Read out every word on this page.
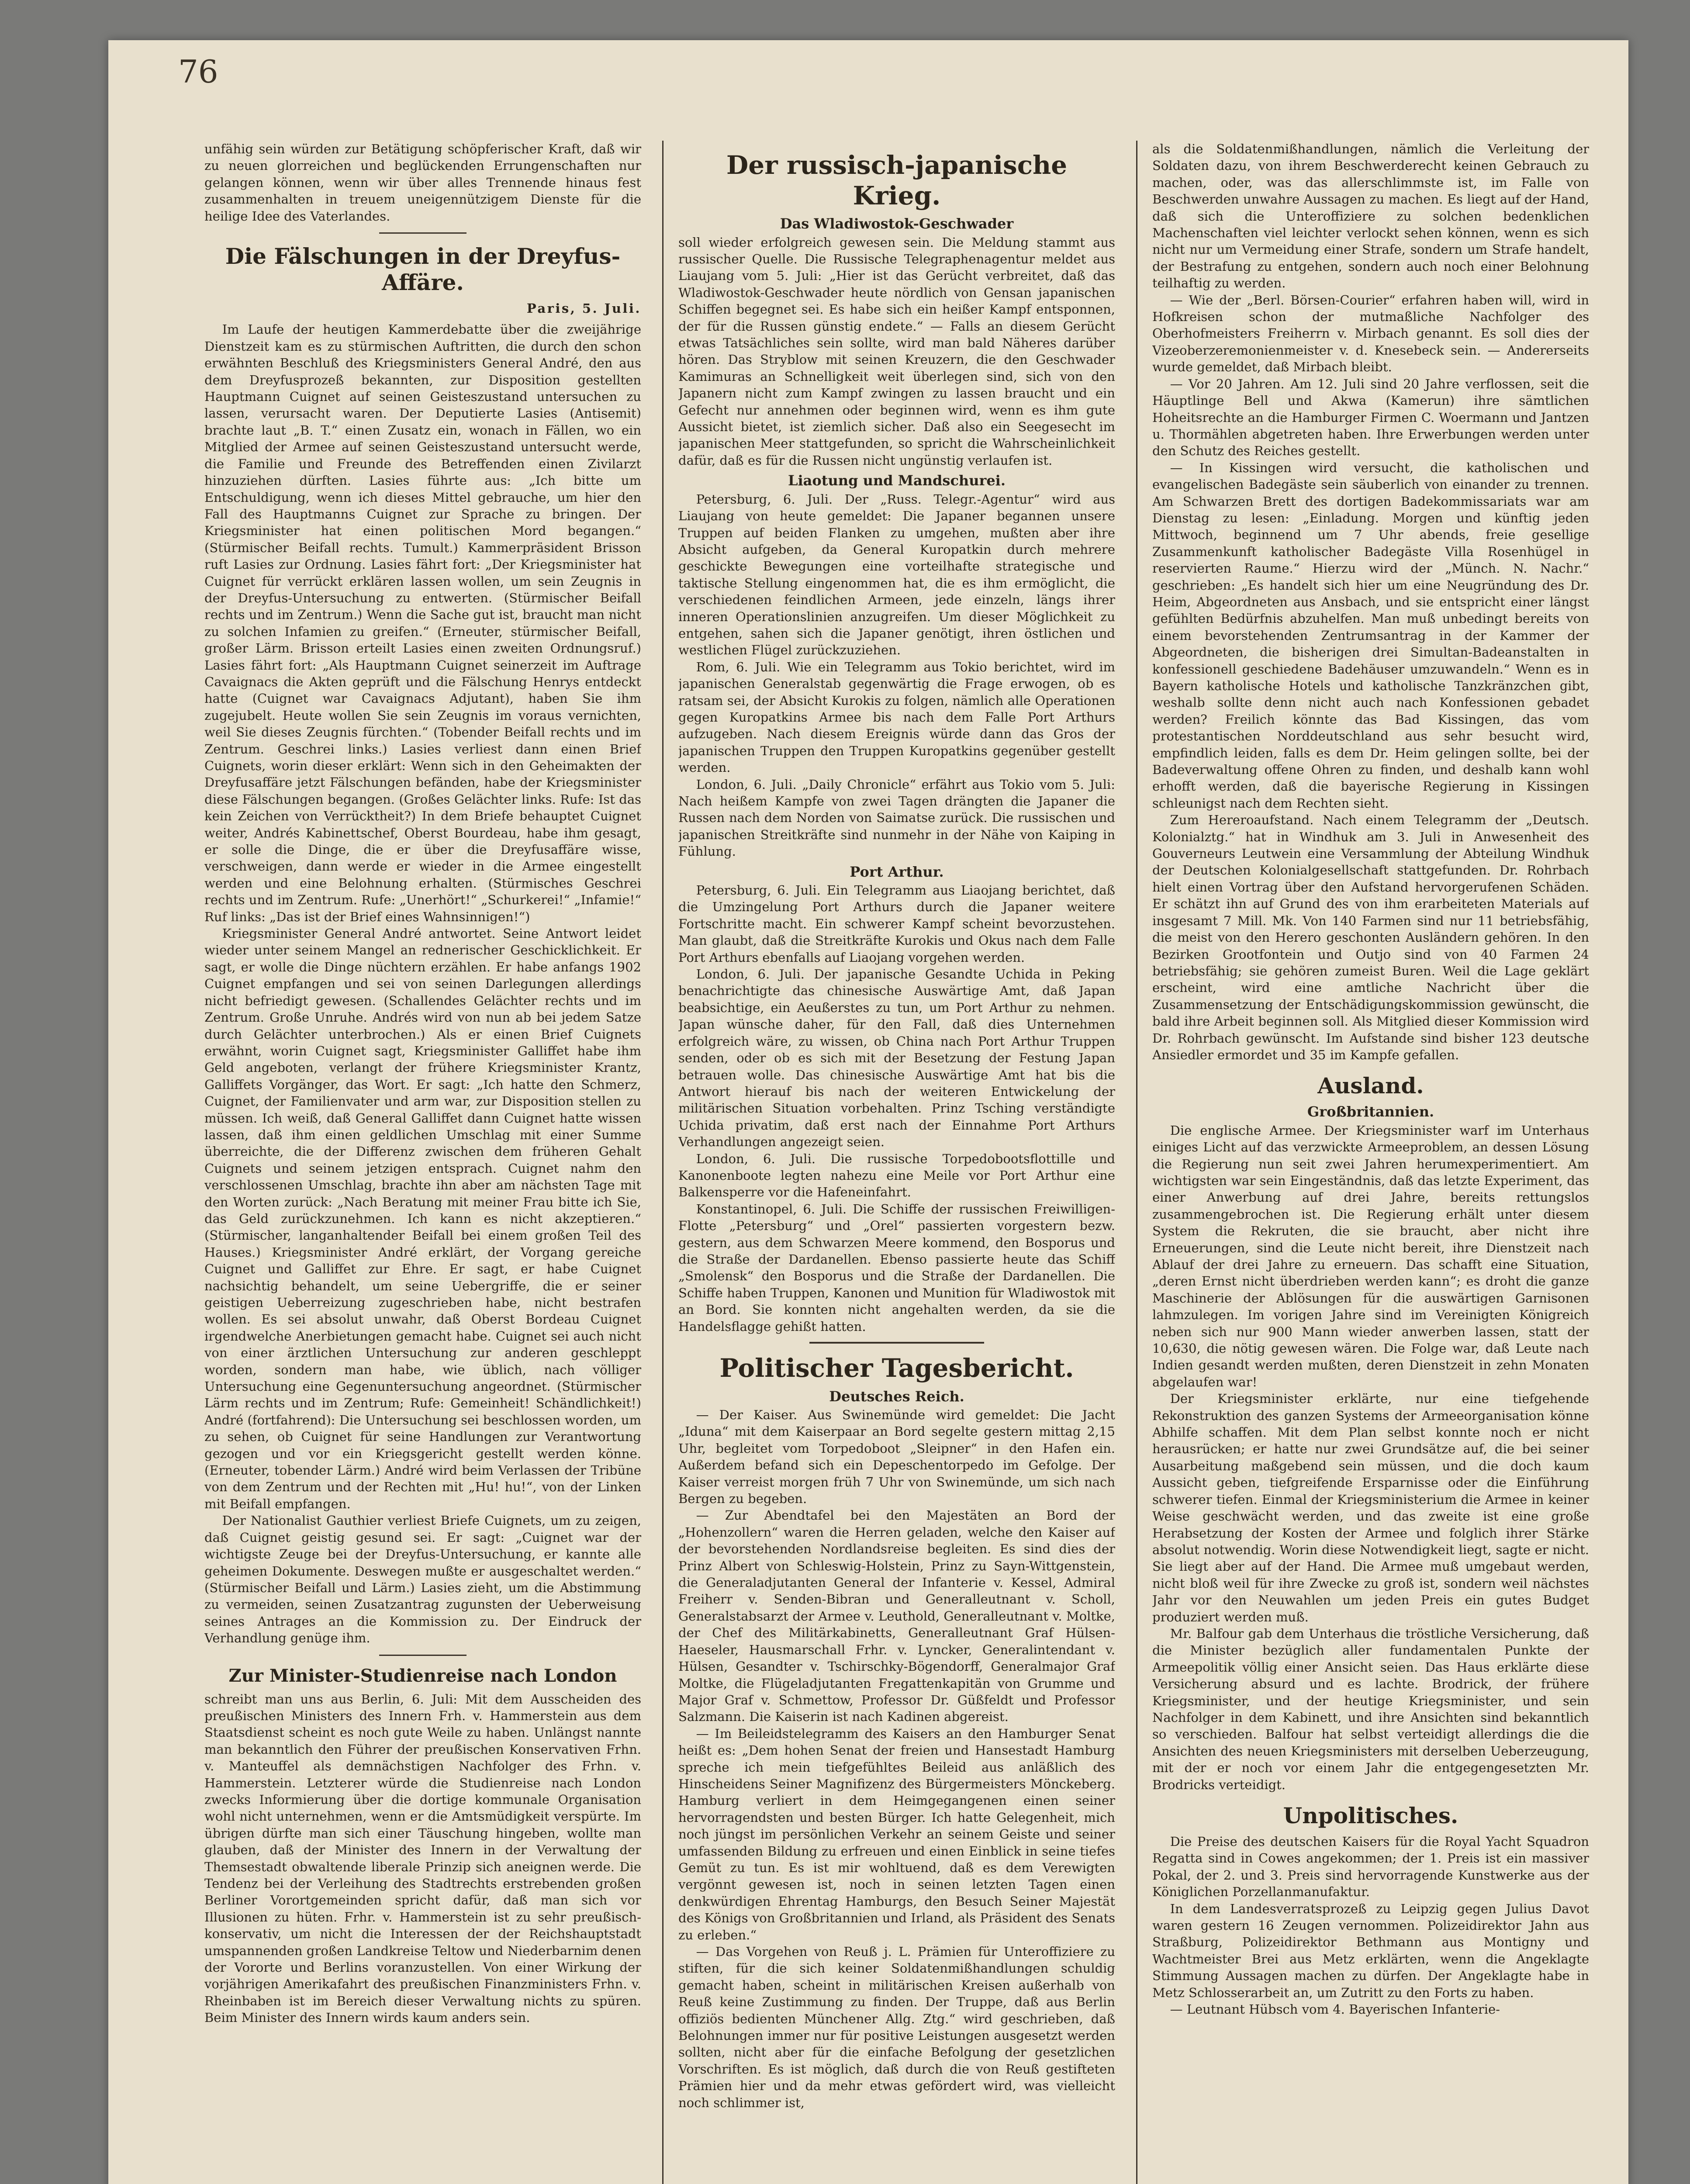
76

unfähig sein würden zur Betätigung schöpferischer Kraft, daß wir zu neuen glorreichen und beglückenden Errungenschaften nur gelangen können, wenn wir über alles Trennende hinaus fest zusammenhalten in treuem uneigennützigem Dienste für die heilige Idee des Vaterlandes.

Die Fälschungen in der Dreyfus-Affäre.
Paris, 5. Juli.

Im Laufe der heutigen Kammerdebatte über die zweijährige Dienstzeit kam es zu stürmischen Auftritten, die durch den schon erwähnten Beschluß des Kriegsministers General André, den aus dem Dreyfusprozeß bekannten, zur Disposition gestellten Hauptmann Cuignet auf seinen Geisteszustand untersuchen zu lassen, verursacht waren. Der Deputierte Lasies (Antisemit) brachte laut „B. T.“ einen Zusatz ein, wonach in Fällen, wo ein Mitglied der Armee auf seinen Geisteszustand untersucht werde, die Familie und Freunde des Betreffenden einen Zivilarzt hinzuziehen dürften. Lasies führte aus: „Ich bitte um Entschuldigung, wenn ich dieses Mittel gebrauche, um hier den Fall des Hauptmanns Cuignet zur Sprache zu bringen. Der Kriegsminister hat einen politischen Mord begangen.“ (Stürmischer Beifall rechts. Tumult.) Kammerpräsident Brisson ruft Lasies zur Ordnung. Lasies fährt fort: „Der Kriegsminister hat Cuignet für verrückt erklären lassen wollen, um sein Zeugnis in der Dreyfus-Untersuchung zu entwerten. (Stürmischer Beifall rechts und im Zentrum.) Wenn die Sache gut ist, braucht man nicht zu solchen Infamien zu greifen.“ (Erneuter, stürmischer Beifall, großer Lärm. Brisson erteilt Lasies einen zweiten Ordnungsruf.) Lasies fährt fort: „Als Hauptmann Cuignet seinerzeit im Auftrage Cavaignacs die Akten geprüft und die Fälschung Henrys entdeckt hatte (Cuignet war Cavaignacs Adjutant), haben Sie ihm zugejubelt. Heute wollen Sie sein Zeugnis im voraus vernichten, weil Sie dieses Zeugnis fürchten.“ (Tobender Beifall rechts und im Zentrum. Geschrei links.) Lasies verliest dann einen Brief Cuignets, worin dieser erklärt: Wenn sich in den Geheimakten der Dreyfusaffäre jetzt Fälschungen befänden, habe der Kriegsminister diese Fälschungen begangen. (Großes Gelächter links. Rufe: Ist das kein Zeichen von Verrücktheit?) In dem Briefe behauptet Cuignet weiter, Andrés Kabinettschef, Oberst Bourdeau, habe ihm gesagt, er solle die Dinge, die er über die Dreyfusaffäre wisse, verschweigen, dann werde er wieder in die Armee eingestellt werden und eine Belohnung erhalten. (Stürmisches Geschrei rechts und im Zentrum. Rufe: „Unerhört!“ „Schurkerei!“ „Infamie!“ Ruf links: „Das ist der Brief eines Wahnsinnigen!“)

Kriegsminister General André antwortet. Seine Antwort leidet wieder unter seinem Mangel an rednerischer Geschicklichkeit. Er sagt, er wolle die Dinge nüchtern erzählen. Er habe anfangs 1902 Cuignet empfangen und sei von seinen Darlegungen allerdings nicht befriedigt gewesen. (Schallendes Gelächter rechts und im Zentrum. Große Unruhe. Andrés wird von nun ab bei jedem Satze durch Gelächter unterbrochen.) Als er einen Brief Cuignets erwähnt, worin Cuignet sagt, Kriegsminister Galliffet habe ihm Geld angeboten, verlangt der frühere Kriegsminister Krantz, Galliffets Vorgänger, das Wort. Er sagt: „Ich hatte den Schmerz, Cuignet, der Familienvater und arm war, zur Disposition stellen zu müssen. Ich weiß, daß General Galliffet dann Cuignet hatte wissen lassen, daß ihm einen geldlichen Umschlag mit einer Summe überreichte, die der Differenz zwischen dem früheren Gehalt Cuignets und seinem jetzigen entsprach. Cuignet nahm den verschlossenen Umschlag, brachte ihn aber am nächsten Tage mit den Worten zurück: „Nach Beratung mit meiner Frau bitte ich Sie, das Geld zurückzunehmen. Ich kann es nicht akzeptieren.“ (Stürmischer, langanhaltender Beifall bei einem großen Teil des Hauses.) Kriegsminister André erklärt, der Vorgang gereiche Cuignet und Galliffet zur Ehre. Er sagt, er habe Cuignet nachsichtig behandelt, um seine Uebergriffe, die er seiner geistigen Ueberreizung zugeschrieben habe, nicht bestrafen wollen. Es sei absolut unwahr, daß Oberst Bordeau Cuignet irgendwelche Anerbietungen gemacht habe. Cuignet sei auch nicht von einer ärztlichen Untersuchung zur anderen geschleppt worden, sondern man habe, wie üblich, nach völliger Untersuchung eine Gegenuntersuchung angeordnet. (Stürmischer Lärm rechts und im Zentrum; Rufe: Gemeinheit! Schändlichkeit!) André (fortfahrend): Die Untersuchung sei beschlossen worden, um zu sehen, ob Cuignet für seine Handlungen zur Verantwortung gezogen und vor ein Kriegsgericht gestellt werden könne. (Erneuter, tobender Lärm.) André wird beim Verlassen der Tribüne von dem Zentrum und der Rechten mit „Hu! hu!“, von der Linken mit Beifall empfangen.

Der Nationalist Gauthier verliest Briefe Cuignets, um zu zeigen, daß Cuignet geistig gesund sei. Er sagt: „Cuignet war der wichtigste Zeuge bei der Dreyfus-Untersuchung, er kannte alle geheimen Dokumente. Deswegen mußte er ausgeschaltet werden.“ (Stürmischer Beifall und Lärm.) Lasies zieht, um die Abstimmung zu vermeiden, seinen Zusatzantrag zugunsten der Ueberweisung seines Antrages an die Kommission zu. Der Eindruck der Verhandlung genüge ihm.

Zur Minister-Studienreise nach London

schreibt man uns aus Berlin, 6. Juli: Mit dem Ausscheiden des preußischen Ministers des Innern Frh. v. Hammerstein aus dem Staatsdienst scheint es noch gute Weile zu haben. Unlängst nannte man bekanntlich den Führer der preußischen Konservativen Frhn. v. Manteuffel als demnächstigen Nachfolger des Frhn. v. Hammerstein. Letzterer würde die Studienreise nach London zwecks Informierung über die dortige kommunale Organisation wohl nicht unternehmen, wenn er die Amtsmüdigkeit verspürte. Im übrigen dürfte man sich einer Täuschung hingeben, wollte man glauben, daß der Minister des Innern in der Verwaltung der Themsestadt obwaltende liberale Prinzip sich aneignen werde. Die Tendenz bei der Verleihung des Stadtrechts erstrebenden großen Berliner Vorortgemeinden spricht dafür, daß man sich vor Illusionen zu hüten. Frhr. v. Hammerstein ist zu sehr preußisch-konservativ, um nicht die Interessen der der Reichshauptstadt umspannenden großen Landkreise Teltow und Niederbarnim denen der Vororte und Berlins voranzustellen. Von einer Wirkung der vorjährigen Amerikafahrt des preußischen Finanzministers Frhn. v. Rheinbaben ist im Bereich dieser Verwaltung nichts zu spüren. Beim Minister des Innern wirds kaum anders sein.

Der russisch-japanische Krieg.
Das Wladiwostok-Geschwader

soll wieder erfolgreich gewesen sein. Die Meldung stammt aus russischer Quelle. Die Russische Telegraphenagentur meldet aus Liaujang vom 5. Juli: „Hier ist das Gerücht verbreitet, daß das Wladiwostok-Geschwader heute nördlich von Gensan japanischen Schiffen begegnet sei. Es habe sich ein heißer Kampf entsponnen, der für die Russen günstig endete.“ — Falls an diesem Gerücht etwas Tatsächliches sein sollte, wird man bald Näheres darüber hören. Das Stryblow mit seinen Kreuzern, die den Geschwader Kamimuras an Schnelligkeit weit überlegen sind, sich von den Japanern nicht zum Kampf zwingen zu lassen braucht und ein Gefecht nur annehmen oder beginnen wird, wenn es ihm gute Aussicht bietet, ist ziemlich sicher. Daß also ein Seegesecht im japanischen Meer stattgefunden, so spricht die Wahrscheinlichkeit dafür, daß es für die Russen nicht ungünstig verlaufen ist.

Liaotung und Mandschurei.

Petersburg, 6. Juli. Der „Russ. Telegr.-Agentur“ wird aus Liaujang von heute gemeldet: Die Japaner begannen unsere Truppen auf beiden Flanken zu umgehen, mußten aber ihre Absicht aufgeben, da General Kuropatkin durch mehrere geschickte Bewegungen eine vorteilhafte strategische und taktische Stellung eingenommen hat, die es ihm ermöglicht, die verschiedenen feindlichen Armeen, jede einzeln, längs ihrer inneren Operationslinien anzugreifen. Um dieser Möglichkeit zu entgehen, sahen sich die Japaner genötigt, ihren östlichen und westlichen Flügel zurückzuziehen.

Rom, 6. Juli. Wie ein Telegramm aus Tokio berichtet, wird im japanischen Generalstab gegenwärtig die Frage erwogen, ob es ratsam sei, der Absicht Kurokis zu folgen, nämlich alle Operationen gegen Kuropatkins Armee bis nach dem Falle Port Arthurs aufzugeben. Nach diesem Ereignis würde dann das Gros der japanischen Truppen den Truppen Kuropatkins gegenüber gestellt werden.

London, 6. Juli. „Daily Chronicle“ erfährt aus Tokio vom 5. Juli: Nach heißem Kampfe von zwei Tagen drängten die Japaner die Russen nach dem Norden von Saimatse zurück. Die russischen und japanischen Streitkräfte sind nunmehr in der Nähe von Kaiping in Fühlung.

Port Arthur.

Petersburg, 6. Juli. Ein Telegramm aus Liaojang berichtet, daß die Umzingelung Port Arthurs durch die Japaner weitere Fortschritte macht. Ein schwerer Kampf scheint bevorzustehen. Man glaubt, daß die Streitkräfte Kurokis und Okus nach dem Falle Port Arthurs ebenfalls auf Liaojang vorgehen werden.

London, 6. Juli. Der japanische Gesandte Uchida in Peking benachrichtigte das chinesische Auswärtige Amt, daß Japan beabsichtige, ein Aeußerstes zu tun, um Port Arthur zu nehmen. Japan wünsche daher, für den Fall, daß dies Unternehmen erfolgreich wäre, zu wissen, ob China nach Port Arthur Truppen senden, oder ob es sich mit der Besetzung der Festung Japan betrauen wolle. Das chinesische Auswärtige Amt hat bis die Antwort hierauf bis nach der weiteren Entwickelung der militärischen Situation vorbehalten. Prinz Tsching verständigte Uchida privatim, daß erst nach der Einnahme Port Arthurs Verhandlungen angezeigt seien.

London, 6. Juli. Die russische Torpedobootsflottille und Kanonenboote legten nahezu eine Meile vor Port Arthur eine Balkensperre vor die Hafeneinfahrt.

Konstantinopel, 6. Juli. Die Schiffe der russischen Freiwilligen-Flotte „Petersburg“ und „Orel“ passierten vorgestern bezw. gestern, aus dem Schwarzen Meere kommend, den Bosporus und die Straße der Dardanellen. Ebenso passierte heute das Schiff „Smolensk“ den Bosporus und die Straße der Dardanellen. Die Schiffe haben Truppen, Kanonen und Munition für Wladiwostok mit an Bord. Sie konnten nicht angehalten werden, da sie die Handelsflagge gehißt hatten.

Politischer Tagesbericht.
Deutsches Reich.

— Der Kaiser. Aus Swinemünde wird gemeldet: Die Jacht „Iduna“ mit dem Kaiserpaar an Bord segelte gestern mittag 2,15 Uhr, begleitet vom Torpedoboot „Sleipner“ in den Hafen ein. Außerdem befand sich ein Depeschentorpedo im Gefolge. Der Kaiser verreist morgen früh 7 Uhr von Swinemünde, um sich nach Bergen zu begeben.

— Zur Abendtafel bei den Majestäten an Bord der „Hohenzollern“ waren die Herren geladen, welche den Kaiser auf der bevorstehenden Nordlandsreise begleiten. Es sind dies der Prinz Albert von Schleswig-Holstein, Prinz zu Sayn-Wittgenstein, die Generaladjutanten General der Infanterie v. Kessel, Admiral Freiherr v. Senden-Bibran und Generalleutnant v. Scholl, Generalstabsarzt der Armee v. Leuthold, Generalleutnant v. Moltke, der Chef des Militärkabinetts, Generalleutnant Graf Hülsen-Haeseler, Hausmarschall Frhr. v. Lyncker, Generalintendant v. Hülsen, Gesandter v. Tschirschky-Bögendorff, Generalmajor Graf Moltke, die Flügeladjutanten Fregattenkapitän von Grumme und Major Graf v. Schmettow, Professor Dr. Güßfeldt und Professor Salzmann. Die Kaiserin ist nach Kadinen abgereist.

— Im Beileidstelegramm des Kaisers an den Hamburger Senat heißt es: „Dem hohen Senat der freien und Hansestadt Hamburg spreche ich mein tiefgefühltes Beileid aus anläßlich des Hinscheidens Seiner Magnifizenz des Bürgermeisters Mönckeberg. Hamburg verliert in dem Heimgegangenen einen seiner hervorragendsten und besten Bürger. Ich hatte Gelegenheit, mich noch jüngst im persönlichen Verkehr an seinem Geiste und seiner umfassenden Bildung zu erfreuen und einen Einblick in seine tiefes Gemüt zu tun. Es ist mir wohltuend, daß es dem Verewigten vergönnt gewesen ist, noch in seinen letzten Tagen einen denkwürdigen Ehrentag Hamburgs, den Besuch Seiner Majestät des Königs von Großbritannien und Irland, als Präsident des Senats zu erleben.“

— Das Vorgehen von Reuß j. L. Prämien für Unteroffiziere zu stiften, für die sich keiner Soldatenmißhandlungen schuldig gemacht haben, scheint in militärischen Kreisen außerhalb von Reuß keine Zustimmung zu finden. Der Truppe, daß aus Berlin offiziös bedienten Münchener Allg. Ztg.“ wird geschrieben, daß Belohnungen immer nur für positive Leistungen ausgesetzt werden sollten, nicht aber für die einfache Befolgung der gesetzlichen Vorschriften. Es ist möglich, daß durch die von Reuß gestifteten Prämien hier und da mehr etwas gefördert wird, was vielleicht noch schlimmer ist,

als die Soldatenmißhandlungen, nämlich die Verleitung der Soldaten dazu, von ihrem Beschwerderecht keinen Gebrauch zu machen, oder, was das allerschlimmste ist, im Falle von Beschwerden unwahre Aussagen zu machen. Es liegt auf der Hand, daß sich die Unteroffiziere zu solchen bedenklichen Machenschaften viel leichter verlockt sehen können, wenn es sich nicht nur um Vermeidung einer Strafe, sondern um Strafe handelt, der Bestrafung zu entgehen, sondern auch noch einer Belohnung teilhaftig zu werden.

— Wie der „Berl. Börsen-Courier“ erfahren haben will, wird in Hofkreisen schon der mutmaßliche Nachfolger des Oberhofmeisters Freiherrn v. Mirbach genannt. Es soll dies der Vizeoberzeremonienmeister v. d. Knesebeck sein. — Andererseits wurde gemeldet, daß Mirbach bleibt.

— Vor 20 Jahren. Am 12. Juli sind 20 Jahre verflossen, seit die Häuptlinge Bell und Akwa (Kamerun) ihre sämtlichen Hoheitsrechte an die Hamburger Firmen C. Woermann und Jantzen u. Thormählen abgetreten haben. Ihre Erwerbungen werden unter den Schutz des Reiches gestellt.

— In Kissingen wird versucht, die katholischen und evangelischen Badegäste sein säuberlich von einander zu trennen. Am Schwarzen Brett des dortigen Badekommissariats war am Dienstag zu lesen: „Einladung. Morgen und künftig jeden Mittwoch, beginnend um 7 Uhr abends, freie gesellige Zusammenkunft katholischer Badegäste Villa Rosenhügel in reservierten Raume.“ Hierzu wird der „Münch. N. Nachr.“ geschrieben: „Es handelt sich hier um eine Neugründung des Dr. Heim, Abgeordneten aus Ansbach, und sie entspricht einer längst gefühlten Bedürfnis abzuhelfen. Man muß unbedingt bereits von einem bevorstehenden Zentrumsantrag in der Kammer der Abgeordneten, die bisherigen drei Simultan-Badeanstalten in konfessionell geschiedene Badehäuser umzuwandeln.“ Wenn es in Bayern katholische Hotels und katholische Tanzkränzchen gibt, weshalb sollte denn nicht auch nach Konfessionen gebadet werden? Freilich könnte das Bad Kissingen, das vom protestantischen Norddeutschland aus sehr besucht wird, empfindlich leiden, falls es dem Dr. Heim gelingen sollte, bei der Badeverwaltung offene Ohren zu finden, und deshalb kann wohl erhofft werden, daß die bayerische Regierung in Kissingen schleunigst nach dem Rechten sieht.

Zum Hereroaufstand. Nach einem Telegramm der „Deutsch. Kolonialztg.“ hat in Windhuk am 3. Juli in Anwesenheit des Gouverneurs Leutwein eine Versammlung der Abteilung Windhuk der Deutschen Kolonialgesellschaft stattgefunden. Dr. Rohrbach hielt einen Vortrag über den Aufstand hervorgerufenen Schäden. Er schätzt ihn auf Grund des von ihm erarbeiteten Materials auf insgesamt 7 Mill. Mk. Von 140 Farmen sind nur 11 betriebsfähig, die meist von den Herero geschonten Ausländern gehören. In den Bezirken Grootfontein und Outjo sind von 40 Farmen 24 betriebsfähig; sie gehören zumeist Buren. Weil die Lage geklärt erscheint, wird eine amtliche Nachricht über die Zusammensetzung der Entschädigungskommission gewünscht, die bald ihre Arbeit beginnen soll. Als Mitglied dieser Kommission wird Dr. Rohrbach gewünscht. Im Aufstande sind bisher 123 deutsche Ansiedler ermordet und 35 im Kampfe gefallen.

Ausland.
Großbritannien.

Die englische Armee. Der Kriegsminister warf im Unterhaus einiges Licht auf das verzwickte Armeeproblem, an dessen Lösung die Regierung nun seit zwei Jahren herumexperimentiert. Am wichtigsten war sein Eingeständnis, daß das letzte Experiment, das einer Anwerbung auf drei Jahre, bereits rettungslos zusammengebrochen ist. Die Regierung erhält unter diesem System die Rekruten, die sie braucht, aber nicht ihre Erneuerungen, sind die Leute nicht bereit, ihre Dienstzeit nach Ablauf der drei Jahre zu erneuern. Das schafft eine Situation, „deren Ernst nicht überdrieben werden kann“; es droht die ganze Maschinerie der Ablösungen für die auswärtigen Garnisonen lahmzulegen. Im vorigen Jahre sind im Vereinigten Königreich neben sich nur 900 Mann wieder anwerben lassen, statt der 10,630, die nötig gewesen wären. Die Folge war, daß Leute nach Indien gesandt werden mußten, deren Dienstzeit in zehn Monaten abgelaufen war!

Der Kriegsminister erklärte, nur eine tiefgehende Rekonstruktion des ganzen Systems der Armeeorganisation könne Abhilfe schaffen. Mit dem Plan selbst konnte noch er nicht herausrücken; er hatte nur zwei Grundsätze auf, die bei seiner Ausarbeitung maßgebend sein müssen, und die doch kaum Aussicht geben, tiefgreifende Ersparnisse oder die Einführung schwerer tiefen. Einmal der Kriegsministerium die Armee in keiner Weise geschwächt werden, und das zweite ist eine große Herabsetzung der Kosten der Armee und folglich ihrer Stärke absolut notwendig. Worin diese Notwendigkeit liegt, sagte er nicht. Sie liegt aber auf der Hand. Die Armee muß umgebaut werden, nicht bloß weil für ihre Zwecke zu groß ist, sondern weil nächstes Jahr vor den Neuwahlen um jeden Preis ein gutes Budget produziert werden muß.

Mr. Balfour gab dem Unterhaus die tröstliche Versicherung, daß die Minister bezüglich aller fundamentalen Punkte der Armeepolitik völlig einer Ansicht seien. Das Haus erklärte diese Versicherung absurd und es lachte. Brodrick, der frühere Kriegsminister, und der heutige Kriegsminister, und sein Nachfolger in dem Kabinett, und ihre Ansichten sind bekanntlich so verschieden. Balfour hat selbst verteidigt allerdings die die Ansichten des neuen Kriegsministers mit derselben Ueberzeugung, mit der er noch vor einem Jahr die entgegengesetzten Mr. Brodricks verteidigt.

Unpolitisches.

Die Preise des deutschen Kaisers für die Royal Yacht Squadron Regatta sind in Cowes angekommen; der 1. Preis ist ein massiver Pokal, der 2. und 3. Preis sind hervorragende Kunstwerke aus der Königlichen Porzellanmanufaktur.

In dem Landesverratsprozeß zu Leipzig gegen Julius Davot waren gestern 16 Zeugen vernommen. Polizeidirektor Jahn aus Straßburg, Polizeidirektor Bethmann aus Montigny und Wachtmeister Brei aus Metz erklärten, wenn die Angeklagte Stimmung Aussagen machen zu dürfen. Der Angeklagte habe in Metz Schlosserarbeit an, um Zutritt zu den Forts zu haben.

— Leutnant Hübsch vom 4. Bayerischen Infanterie-
